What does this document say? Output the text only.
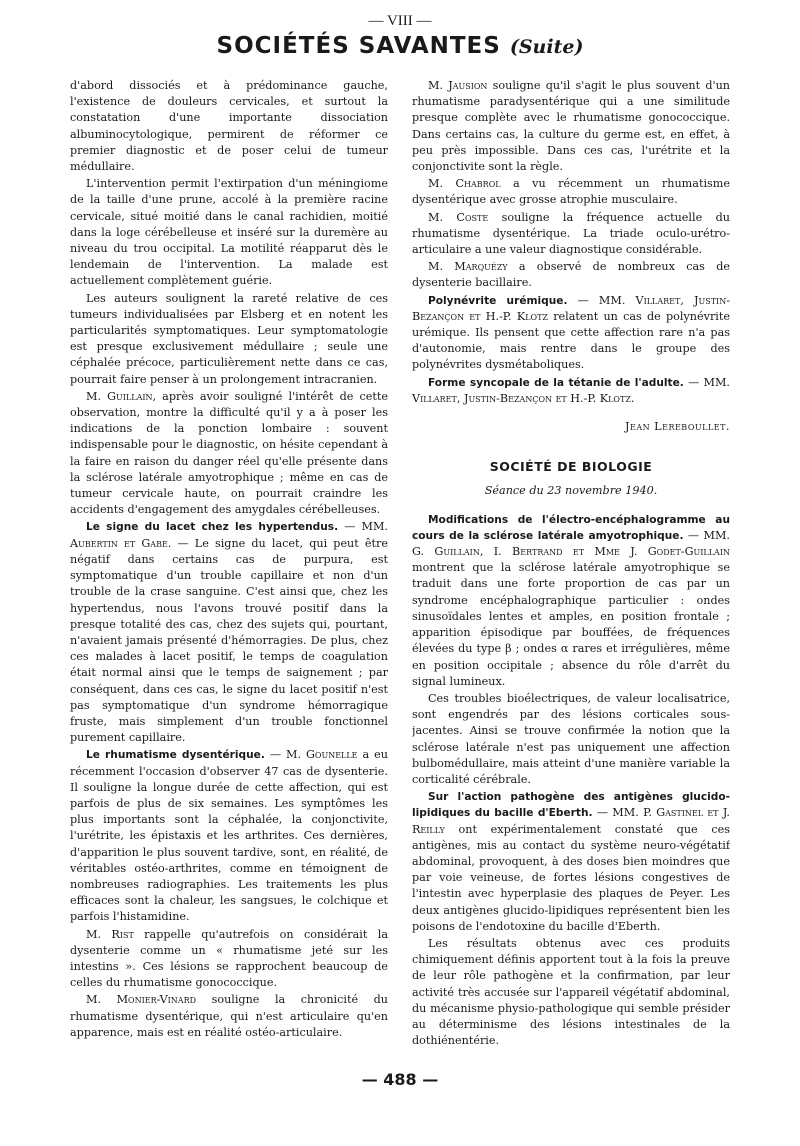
— VIII —

SOCIÉTÉS SAVANTES (Suite)

d'abord dissociés et à prédominance gauche, l'existence de douleurs cervicales, et surtout la constatation d'une importante dissociation albuminocytologique, permirent de réformer ce premier diagnostic et de poser celui de tumeur médullaire.

L'intervention permit l'extirpation d'un méningiome de la taille d'une prune, accolé à la première racine cervicale, situé moitié dans le canal rachidien, moitié dans la loge cérébelleuse et inséré sur la duremère au niveau du trou occipital. La motilité réapparut dès le lendemain de l'intervention. La malade est actuellement complètement guérie.

Les auteurs soulignent la rareté relative de ces tumeurs individualisées par Elsberg et en notent les particularités symptomatiques. Leur symptomatologie est presque exclusivement médullaire ; seule une céphalée précoce, particulièrement nette dans ce cas, pourrait faire penser à un prolongement intracranien.

M. Guillain, après avoir souligné l'intérêt de cette observation, montre la difficulté qu'il y a à poser les indications de la ponction lombaire : souvent indispensable pour le diagnostic, on hésite cependant à la faire en raison du danger réel qu'elle présente dans la sclérose latérale amyotrophique ; même en cas de tumeur cervicale haute, on pourrait craindre les accidents d'engagement des amygdales cérébelleuses.

Le signe du lacet chez les hypertendus. — MM. Aubertin et Gabe. — Le signe du lacet, qui peut être négatif dans certains cas de purpura, est symptomatique d'un trouble capillaire et non d'un trouble de la crase sanguine. C'est ainsi que, chez les hypertendus, nous l'avons trouvé positif dans la presque totalité des cas, chez des sujets qui, pourtant, n'avaient jamais présenté d'hémorragies. De plus, chez ces malades à lacet positif, le temps de coagulation était normal ainsi que le temps de saignement ; par conséquent, dans ces cas, le signe du lacet positif n'est pas symptomatique d'un syndrome hémorragique fruste, mais simplement d'un trouble fonctionnel purement capillaire.

Le rhumatisme dysentérique. — M. Gounelle a eu récemment l'occasion d'observer 47 cas de dysenterie. Il souligne la longue durée de cette affection, qui est parfois de plus de six semaines. Les symptômes les plus importants sont la céphalée, la conjonctivite, l'urétrite, les épistaxis et les arthrites. Ces dernières, d'apparition le plus souvent tardive, sont, en réalité, de véritables ostéo-arthrites, comme en témoignent de nombreuses radiographies. Les traitements les plus efficaces sont la chaleur, les sangsues, le colchique et parfois l'histamidine.

M. Rist rappelle qu'autrefois on considérait la dysenterie comme un « rhumatisme jeté sur les intestins ». Ces lésions se rapprochent beaucoup de celles du rhumatisme gonococcique.

M. Monier-Vinard souligne la chronicité du rhumatisme dysentérique, qui n'est articulaire qu'en apparence, mais est en réalité ostéo-articulaire.

M. Jausion souligne qu'il s'agit le plus souvent d'un rhumatisme paradysentérique qui a une similitude presque complète avec le rhumatisme gonococcique. Dans certains cas, la culture du germe est, en effet, à peu près impossible. Dans ces cas, l'urétrite et la conjonctivite sont la règle.

M. Chabrol a vu récemment un rhumatisme dysentérique avec grosse atrophie musculaire.

M. Coste souligne la fréquence actuelle du rhumatisme dysentérique. La triade oculo-urétro-articulaire a une valeur diagnostique considérable.

M. Marquézy a observé de nombreux cas de dysenterie bacillaire.

Polynévrite urémique. — MM. Villaret, Justin-Bezançon et H.-P. Klotz relatent un cas de polynévrite urémique. Ils pensent que cette affection rare n'a pas d'autonomie, mais rentre dans le groupe des polynévrites dysmétaboliques.

Forme syncopale de la tétanie de l'adulte. — MM. Villaret, Justin-Bezançon et H.-P. Klotz.

Jean Lereboullet.

SOCIÉTÉ DE BIOLOGIE

Séance du 23 novembre 1940.

Modifications de l'électro-encéphalogramme au cours de la sclérose latérale amyotrophique. — MM. G. Guillain, I. Bertrand et Mme J. Godet-Guillain montrent que la sclérose latérale amyotrophique se traduit dans une forte proportion de cas par un syndrome encéphalographique particulier : ondes sinusoïdales lentes et amples, en position frontale ; apparition épisodique par bouffées, de fréquences élevées du type β ; ondes α rares et irrégulières, même en position occipitale ; absence du rôle d'arrêt du signal lumineux.

Ces troubles bioélectriques, de valeur localisatrice, sont engendrés par des lésions corticales sous-jacentes. Ainsi se trouve confirmée la notion que la sclérose latérale n'est pas uniquement une affection bulbomédullaire, mais atteint d'une manière variable la corticalité cérébrale.

Sur l'action pathogène des antigènes glucido-lipidiques du bacille d'Eberth. — MM. P. Gastinel et J. Reilly ont expérimentalement constaté que ces antigènes, mis au contact du système neuro-végétatif abdominal, provoquent, à des doses bien moindres que par voie veineuse, de fortes lésions congestives de l'intestin avec hyperplasie des plaques de Peyer. Les deux antigènes glucido-lipidiques représentent bien les poisons de l'endotoxine du bacille d'Eberth.

Les résultats obtenus avec ces produits chimiquement définis apportent tout à la fois la preuve de leur rôle pathogène et la confirmation, par leur activité très accusée sur l'appareil végétatif abdominal, du mécanisme physio-pathologique qui semble présider au déterminisme des lésions intestinales de la dothiénentérie.

— 488 —
